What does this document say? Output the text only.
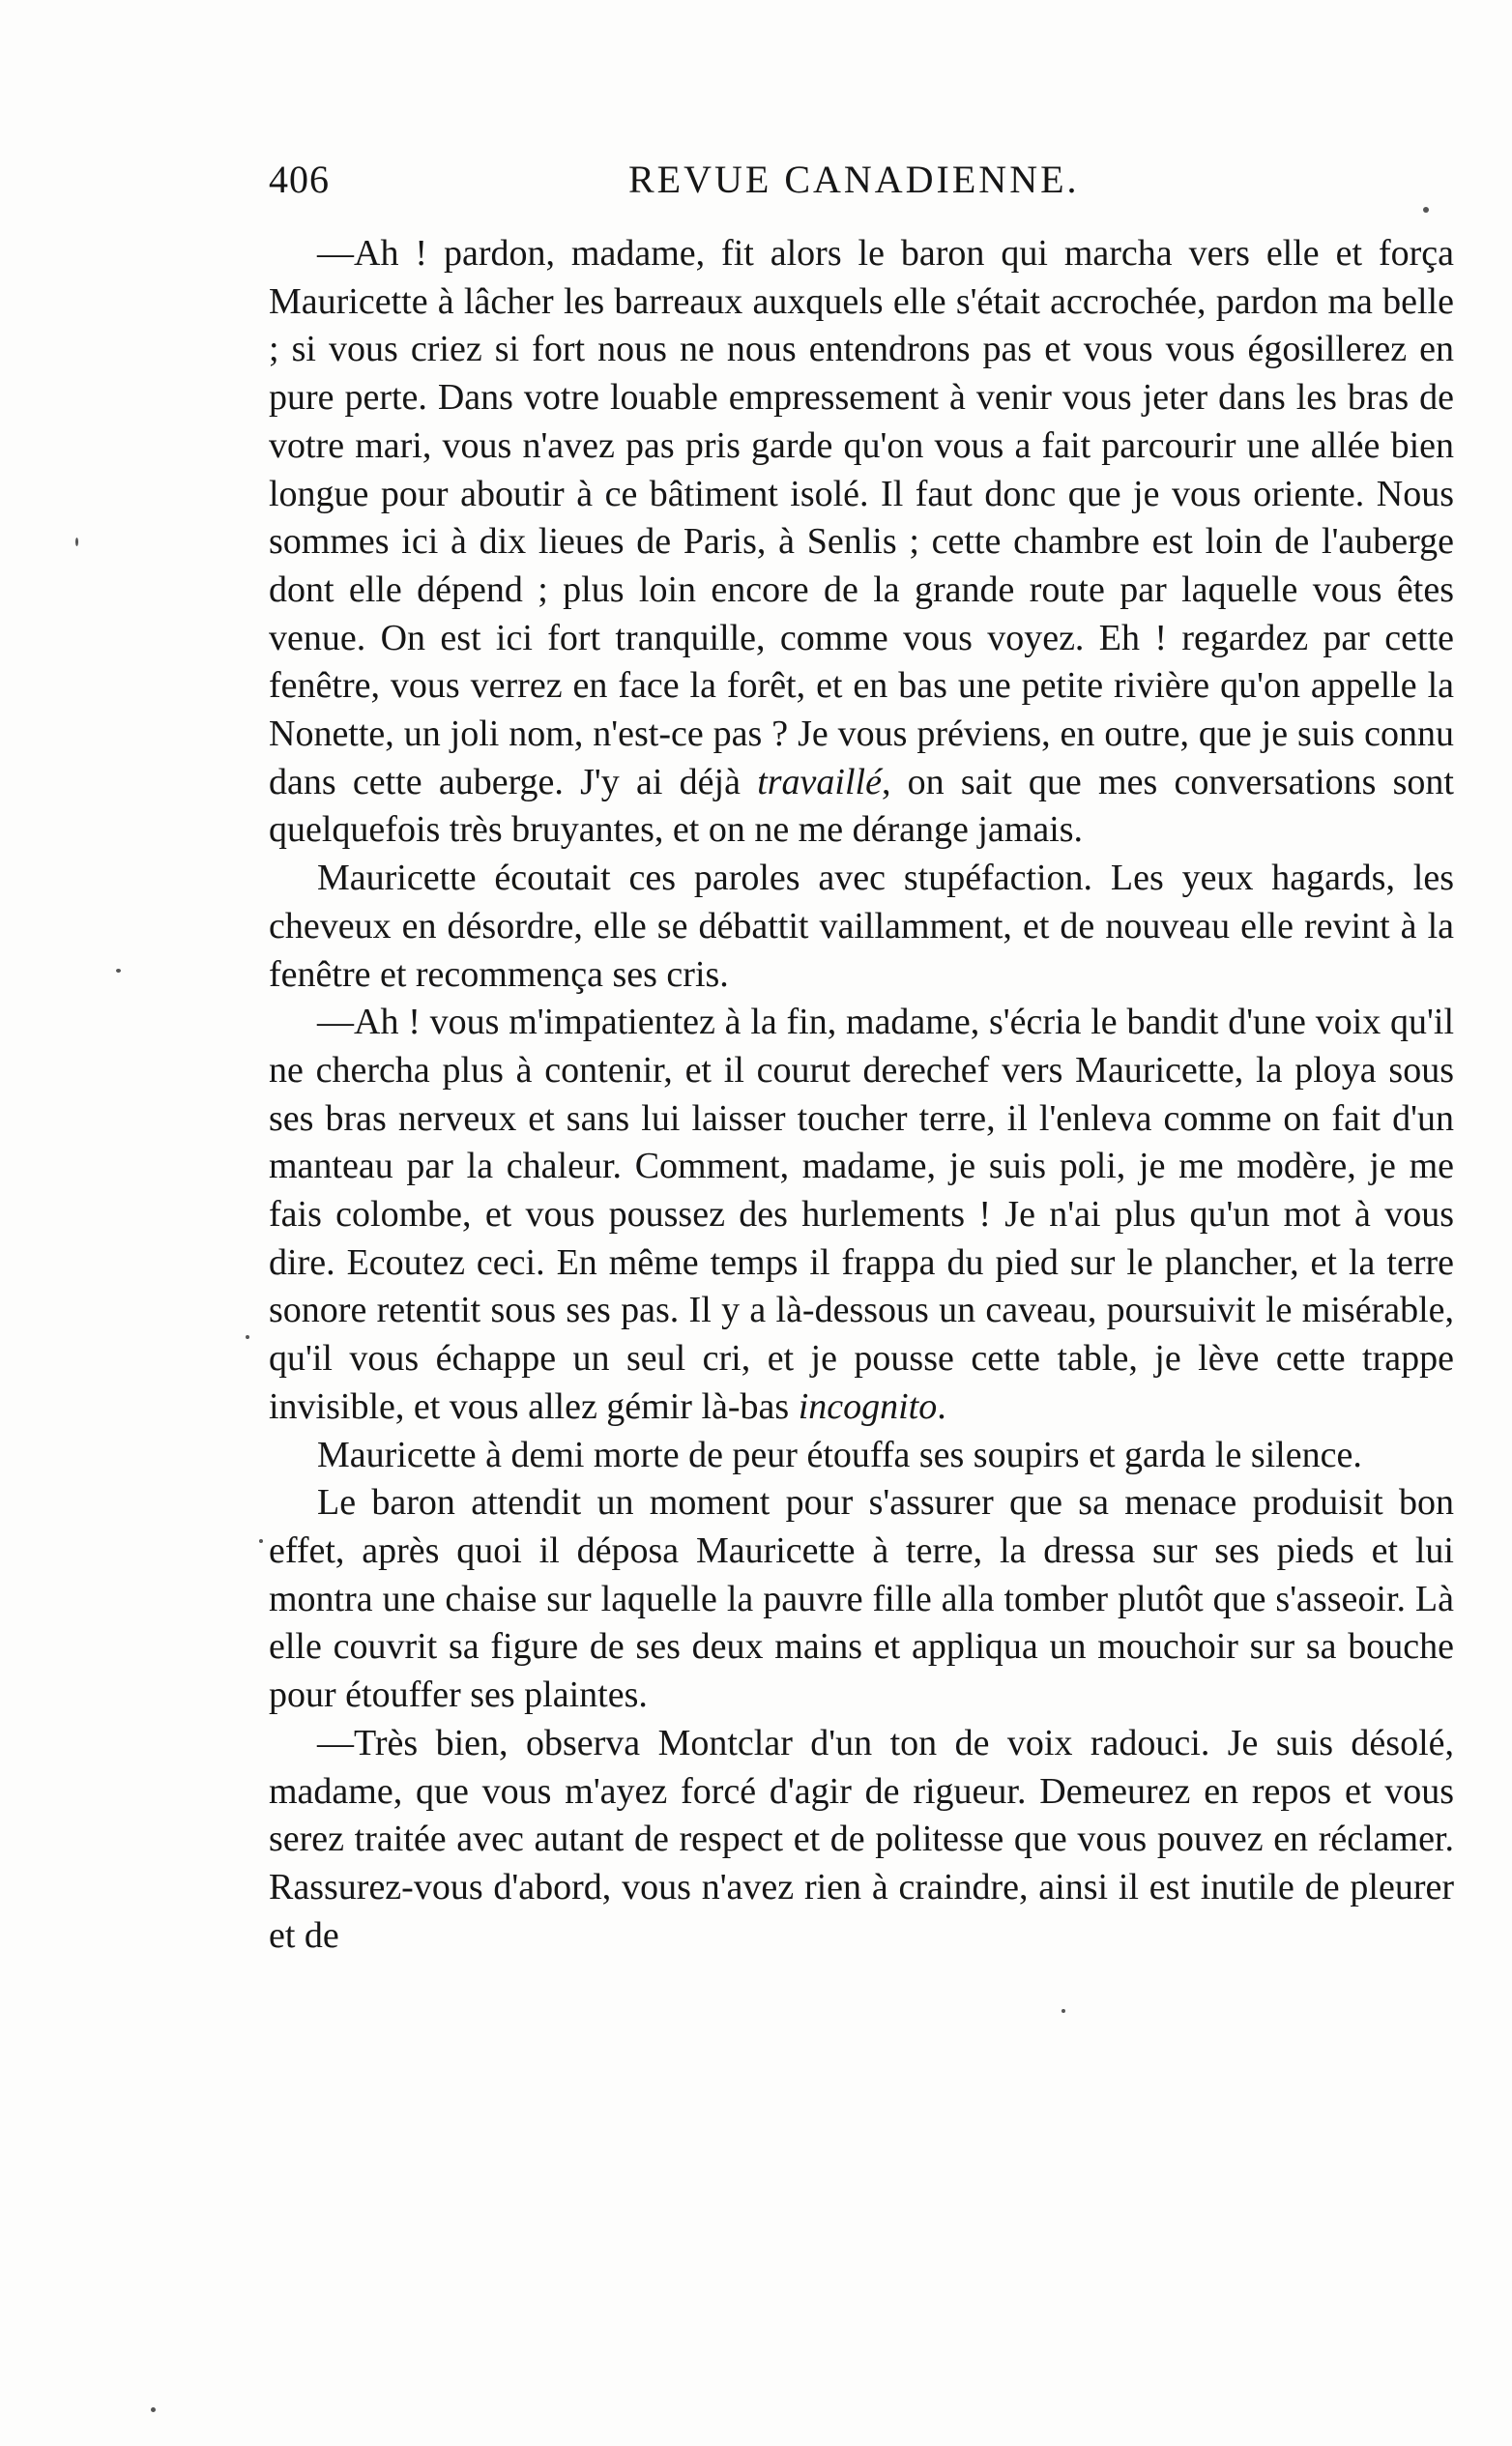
406	REVUE CANADIENNE.

—Ah ! pardon, madame, fit alors le baron qui marcha vers elle et força Mauricette à lâcher les barreaux auxquels elle s'était accrochée, pardon ma belle ; si vous criez si fort nous ne nous entendrons pas et vous vous égosillerez en pure perte. Dans votre louable empressement à venir vous jeter dans les bras de votre mari, vous n'avez pas pris garde qu'on vous a fait parcourir une allée bien longue pour aboutir à ce bâtiment isolé. Il faut donc que je vous oriente. Nous sommes ici à dix lieues de Paris, à Senlis ; cette chambre est loin de l'auberge dont elle dépend ; plus loin encore de la grande route par laquelle vous êtes venue. On est ici fort tranquille, comme vous voyez. Eh ! regardez par cette fenêtre, vous verrez en face la forêt, et en bas une petite rivière qu'on appelle la Nonette, un joli nom, n'est-ce pas ? Je vous préviens, en outre, que je suis connu dans cette auberge. J'y ai déjà travaillé, on sait que mes conversations sont quelquefois très bruyantes, et on ne me dérange jamais.

Mauricette écoutait ces paroles avec stupéfaction. Les yeux hagards, les cheveux en désordre, elle se débattit vaillamment, et de nouveau elle revint à la fenêtre et recommença ses cris.

—Ah ! vous m'impatientez à la fin, madame, s'écria le bandit d'une voix qu'il ne chercha plus à contenir, et il courut derechef vers Mauricette, la ploya sous ses bras nerveux et sans lui laisser toucher terre, il l'enleva comme on fait d'un manteau par la chaleur. Comment, madame, je suis poli, je me modère, je me fais colombe, et vous poussez des hurlements ! Je n'ai plus qu'un mot à vous dire. Ecoutez ceci. En même temps il frappa du pied sur le plancher, et la terre sonore retentit sous ses pas. Il y a là-dessous un caveau, poursuivit le misérable, qu'il vous échappe un seul cri, et je pousse cette table, je lève cette trappe invisible, et vous allez gémir là-bas incognito.

Mauricette à demi morte de peur étouffa ses soupirs et garda le silence.

Le baron attendit un moment pour s'assurer que sa menace produisit bon effet, après quoi il déposa Mauricette à terre, la dressa sur ses pieds et lui montra une chaise sur laquelle la pauvre fille alla tomber plutôt que s'asseoir. Là elle couvrit sa figure de ses deux mains et appliqua un mouchoir sur sa bouche pour étouffer ses plaintes.

—Très bien, observa Montclar d'un ton de voix radouci. Je suis désolé, madame, que vous m'ayez forcé d'agir de rigueur. Demeurez en repos et vous serez traitée avec autant de respect et de politesse que vous pouvez en réclamer. Rassurez-vous d'abord, vous n'avez rien à craindre, ainsi il est inutile de pleurer et de
